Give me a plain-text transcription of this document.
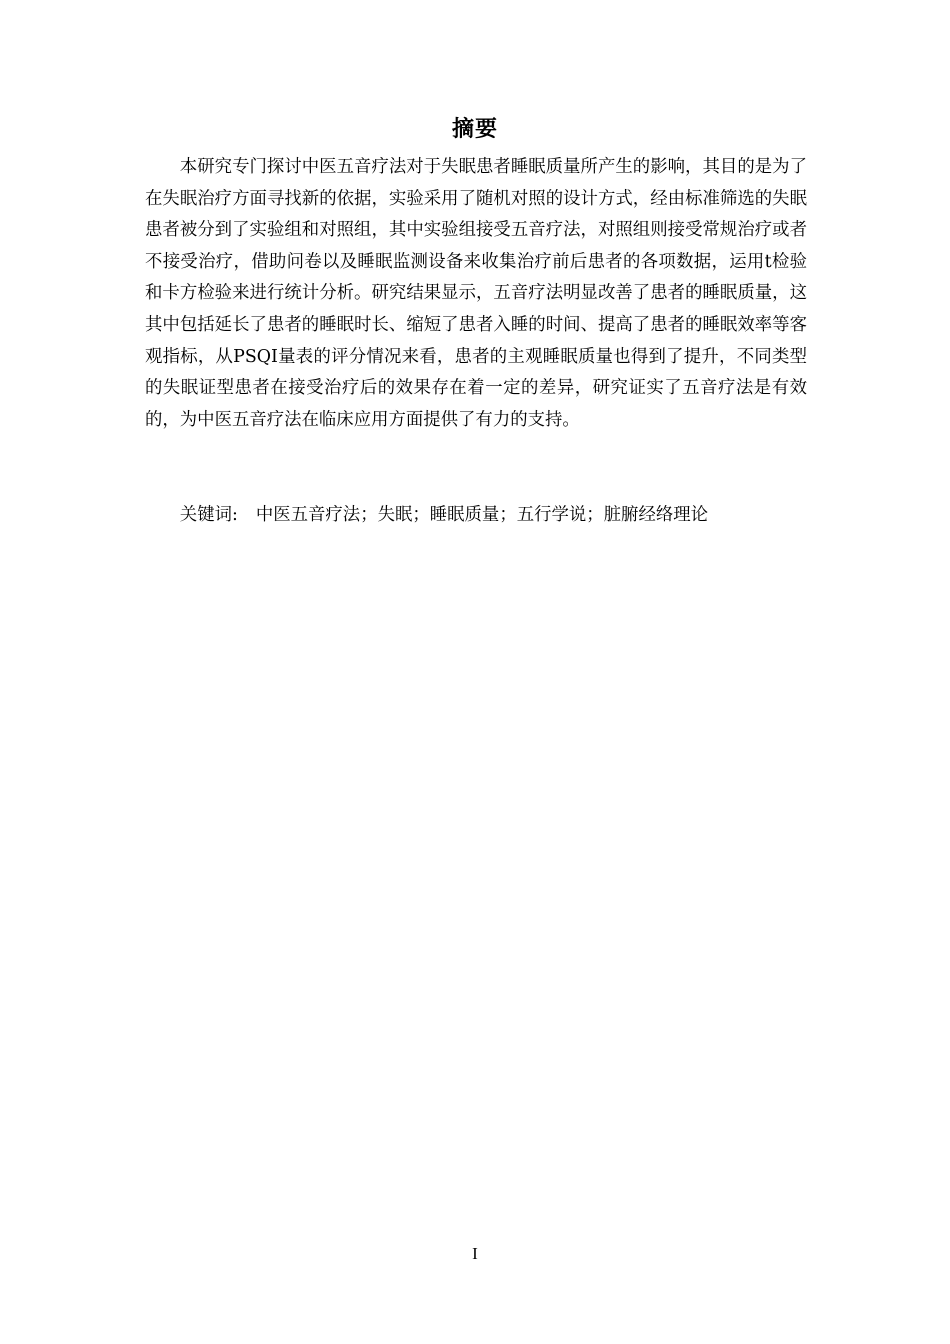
摘要

本研究专门探讨中医五音疗法对于失眠患者睡眠质量所产生的影响，其目的是为了在失眠治疗方面寻找新的依据，实验采用了随机对照的设计方式，经由标准筛选的失眠患者被分到了实验组和对照组，其中实验组接受五音疗法，对照组则接受常规治疗或者不接受治疗，借助问卷以及睡眠监测设备来收集治疗前后患者的各项数据，运用t检验和卡方检验来进行统计分析。研究结果显示，五音疗法明显改善了患者的睡眠质量，这其中包括延长了患者的睡眠时长、缩短了患者入睡的时间、提高了患者的睡眠效率等客观指标，从PSQI量表的评分情况来看，患者的主观睡眠质量也得到了提升，不同类型的失眠证型患者在接受治疗后的效果存在着一定的差异，研究证实了五音疗法是有效的，为中医五音疗法在临床应用方面提供了有力的支持。

关键词: 中医五音疗法；失眠；睡眠质量；五行学说；脏腑经络理论

I
